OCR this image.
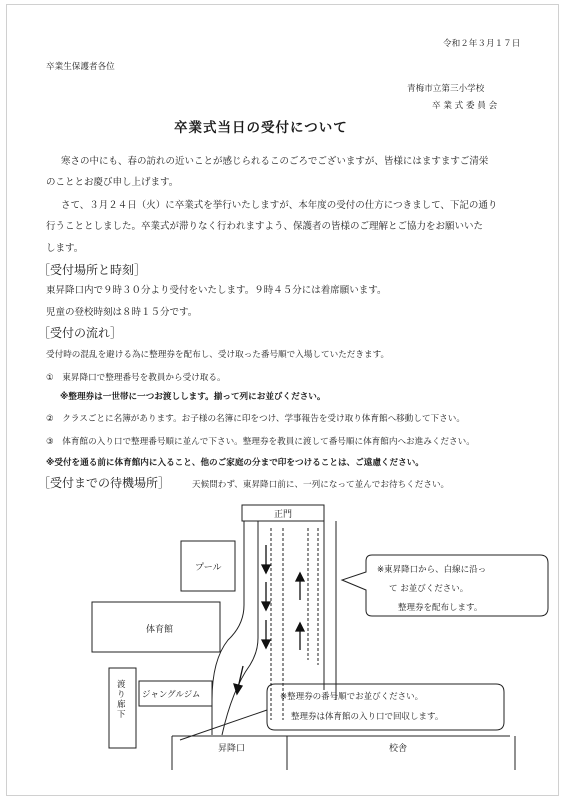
令和２年３月１７日
卒業生保護者各位
青梅市立第三小学校
卒 業 式 委 員 会
卒業式当日の受付について
寒さの中にも、春の訪れの近いことが感じられるこのごろでございますが、皆様にはますますご清栄
のこととお慶び申し上げます。
さて、３月２４日（火）に卒業式を挙行いたしますが、本年度の受付の仕方につきまして、下記の通り
行うこととしました。卒業式が滞りなく行われますよう、保護者の皆様のご理解とご協力をお願いいた
します。
［受付場所と時刻］
東昇降口内で９時３０分より受付をいたします。９時４５分には着席願います。
児童の登校時刻は８時１５分です。
［受付の流れ］
受付時の混乱を避ける為に整理券を配布し、受け取った番号順で入場していただきます。
①　東昇降口で整理番号を教員から受け取る。
※整理券は一世帯に一つお渡しします。揃って列にお並びください。
②　クラスごとに名簿があります。お子様の名簿に印をつけ、学事報告を受け取り体育館へ移動して下さい。
③　体育館の入り口で整理番号順に並んで下さい。整理券を教員に渡して番号順に体育館内へお進みください。
※受付を通る前に体育館内に入ること、他のご家庭の分まで印をつけることは、ご遠慮ください。
［受付までの待機場所］	天候問わず、東昇降口前に、一列になって並んでお待ちください。
正門
プール
体育館
ジャングルジム
渡り廊下
昇降口	校舎
※東昇降口から、白線に沿っ
て お並びください。
整理券を配布します。
※整理券の番号順でお並びください。
整理券は体育館の入り口で回収します。
